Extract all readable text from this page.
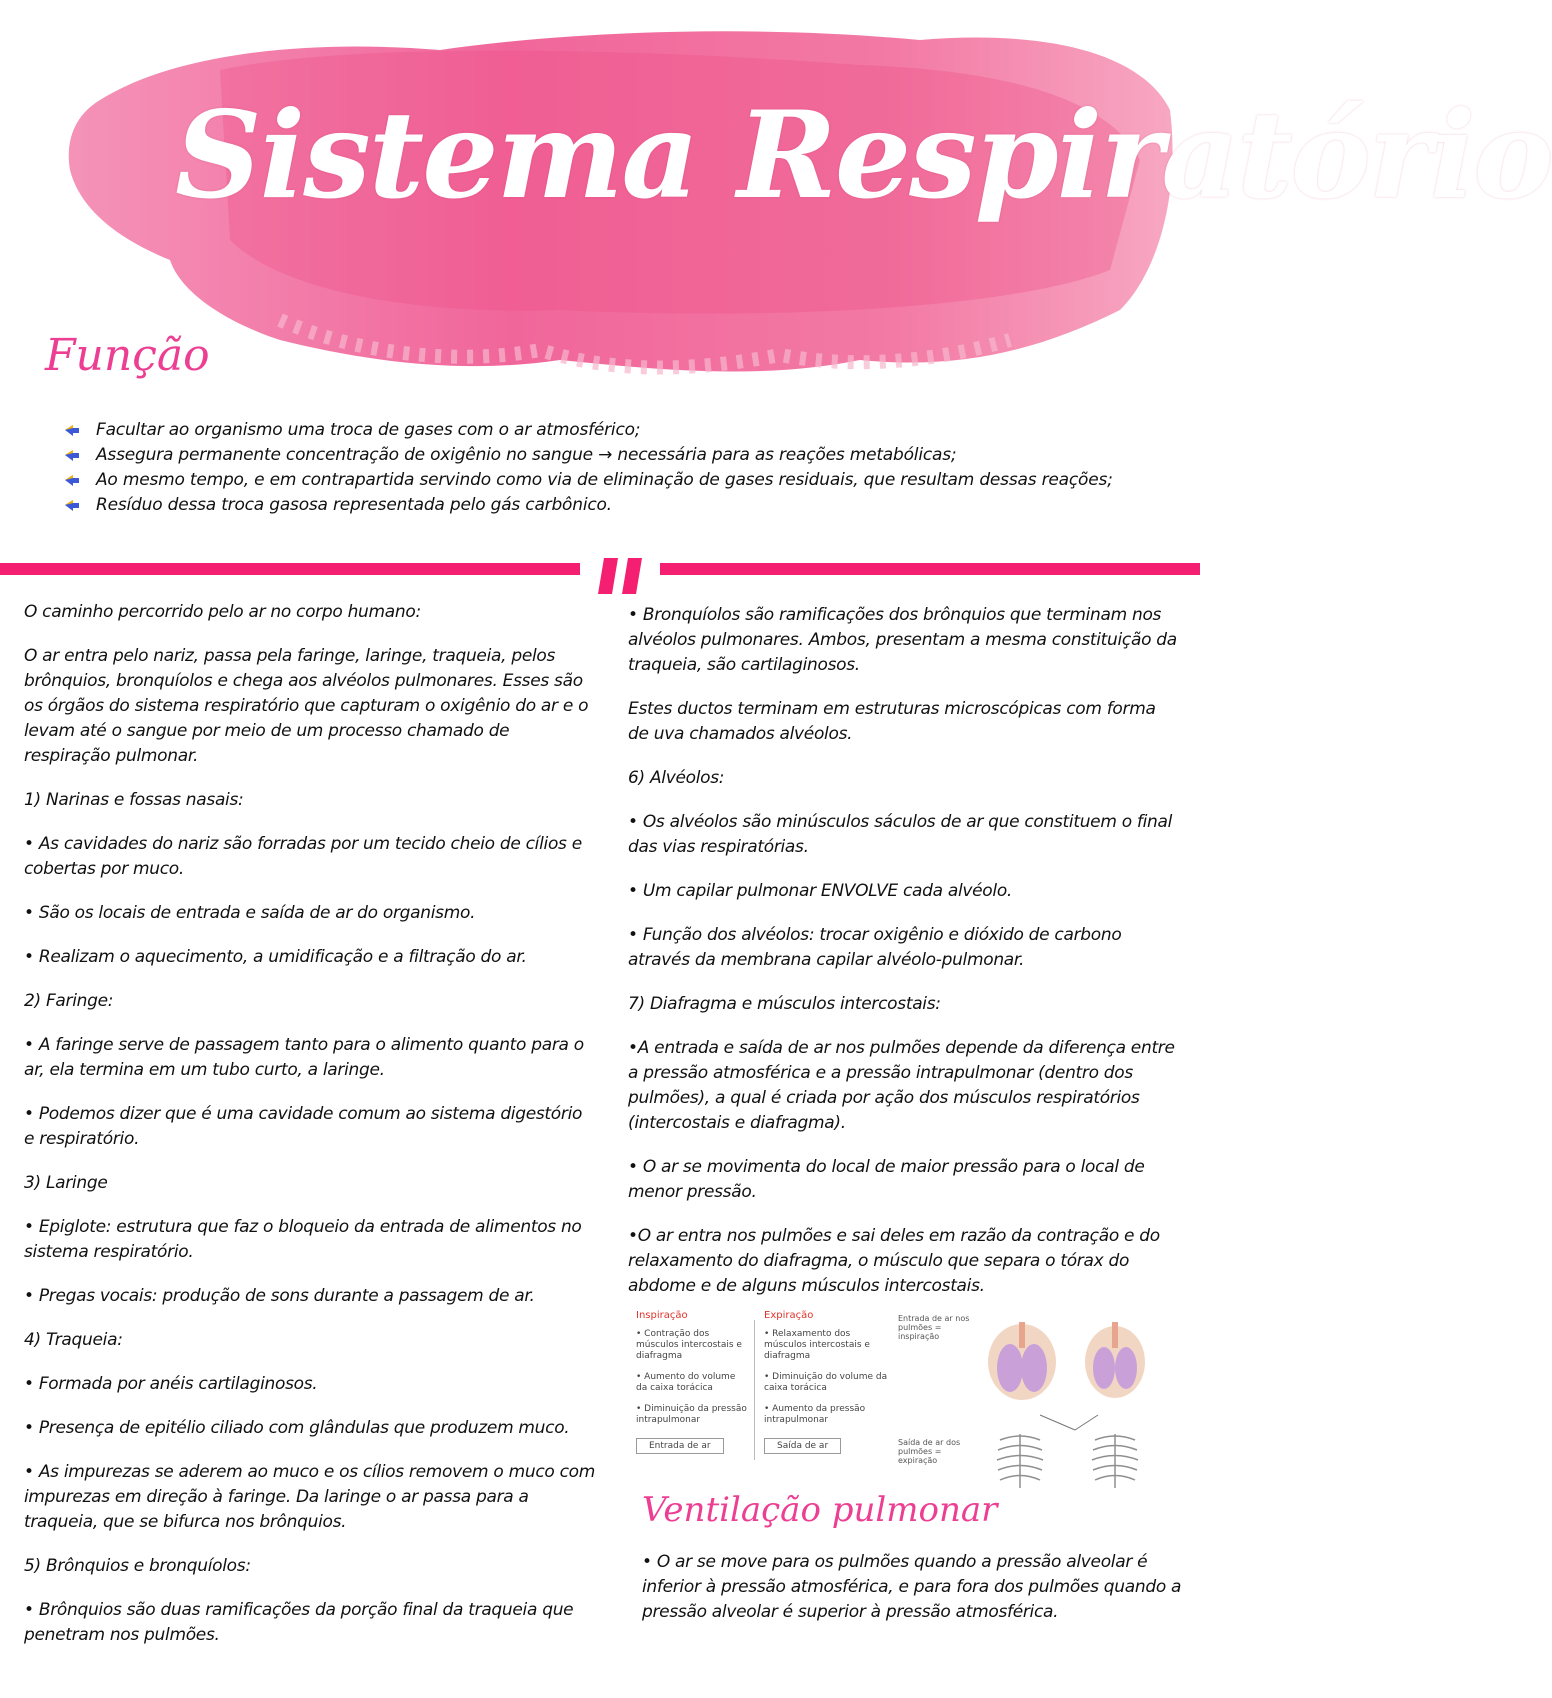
Sistema Respiratório
Função
Facultar ao organismo uma troca de gases com o ar atmosférico;
Assegura permanente concentração de oxigênio no sangue → necessária para as reações metabólicas;
Ao mesmo tempo, e em contrapartida servindo como via de eliminação de gases residuais, que resultam dessas reações;
Resíduo dessa troca gasosa representada pelo gás carbônico.

O caminho percorrido pelo ar no corpo humano:

O ar entra pelo nariz, passa pela faringe, laringe, traqueia, pelos brônquios, bronquíolos e chega aos alvéolos pulmonares. Esses são os órgãos do sistema respiratório que capturam o oxigênio do ar e o levam até o sangue por meio de um processo chamado de respiração pulmonar.

1) Narinas e fossas nasais:

• As cavidades do nariz são forradas por um tecido cheio de cílios e cobertas por muco.

• São os locais de entrada e saída de ar do organismo.

• Realizam o aquecimento, a umidificação e a filtração do ar.

2) Faringe:

• A faringe serve de passagem tanto para o alimento quanto para o ar, ela termina em um tubo curto, a laringe.

• Podemos dizer que é uma cavidade comum ao sistema digestório e respiratório.

3) Laringe

• Epiglote: estrutura que faz o bloqueio da entrada de alimentos no sistema respiratório.

• Pregas vocais: produção de sons durante a passagem de ar.

4) Traqueia:

• Formada por anéis cartilaginosos.

• Presença de epitélio ciliado com glândulas que produzem muco.

• As impurezas se aderem ao muco e os cílios removem o muco com impurezas em direção à faringe. Da laringe o ar passa para a traqueia, que se bifurca nos brônquios.

5) Brônquios e bronquíolos:

• Brônquios são duas ramificações da porção final da traqueia que penetram nos pulmões.

• Bronquíolos são ramificações dos brônquios que terminam nos alvéolos pulmonares. Ambos, presentam a mesma constituição da traqueia, são cartilaginosos.

Estes ductos terminam em estruturas microscópicas com forma de uva chamados alvéolos.

6) Alvéolos:

• Os alvéolos são minúsculos sáculos de ar que constituem o final das vias respiratórias.

• Um capilar pulmonar ENVOLVE cada alvéolo.

• Função dos alvéolos: trocar oxigênio e dióxido de carbono através da membrana capilar alvéolo-pulmonar.

7) Diafragma e músculos intercostais:

•A entrada e saída de ar nos pulmões depende da diferença entre a pressão atmosférica e a pressão intrapulmonar (dentro dos pulmões), a qual é criada por ação dos músculos respiratórios (intercostais e diafragma).

• O ar se movimenta do local de maior pressão para o local de menor pressão.

•O ar entra nos pulmões e sai deles em razão da contração e do relaxamento do diafragma, o músculo que separa o tórax do abdome e de alguns músculos intercostais.

Inspiração
• Contração dos músculos intercostais e diafragma
• Aumento do volume da caixa torácica
• Diminuição da pressão intrapulmonar
Entrada de ar
Expiração
• Relaxamento dos músculos intercostais e diafragma
• Diminuição do volume da caixa torácica
• Aumento da pressão intrapulmonar
Saída de ar
Entrada de ar nos pulmões = inspiração
Saída de ar dos pulmões = expiração
Ventilação pulmonar

• O ar se move para os pulmões quando a pressão alveolar é inferior à pressão atmosférica, e para fora dos pulmões quando a pressão alveolar é superior à pressão atmosférica.
